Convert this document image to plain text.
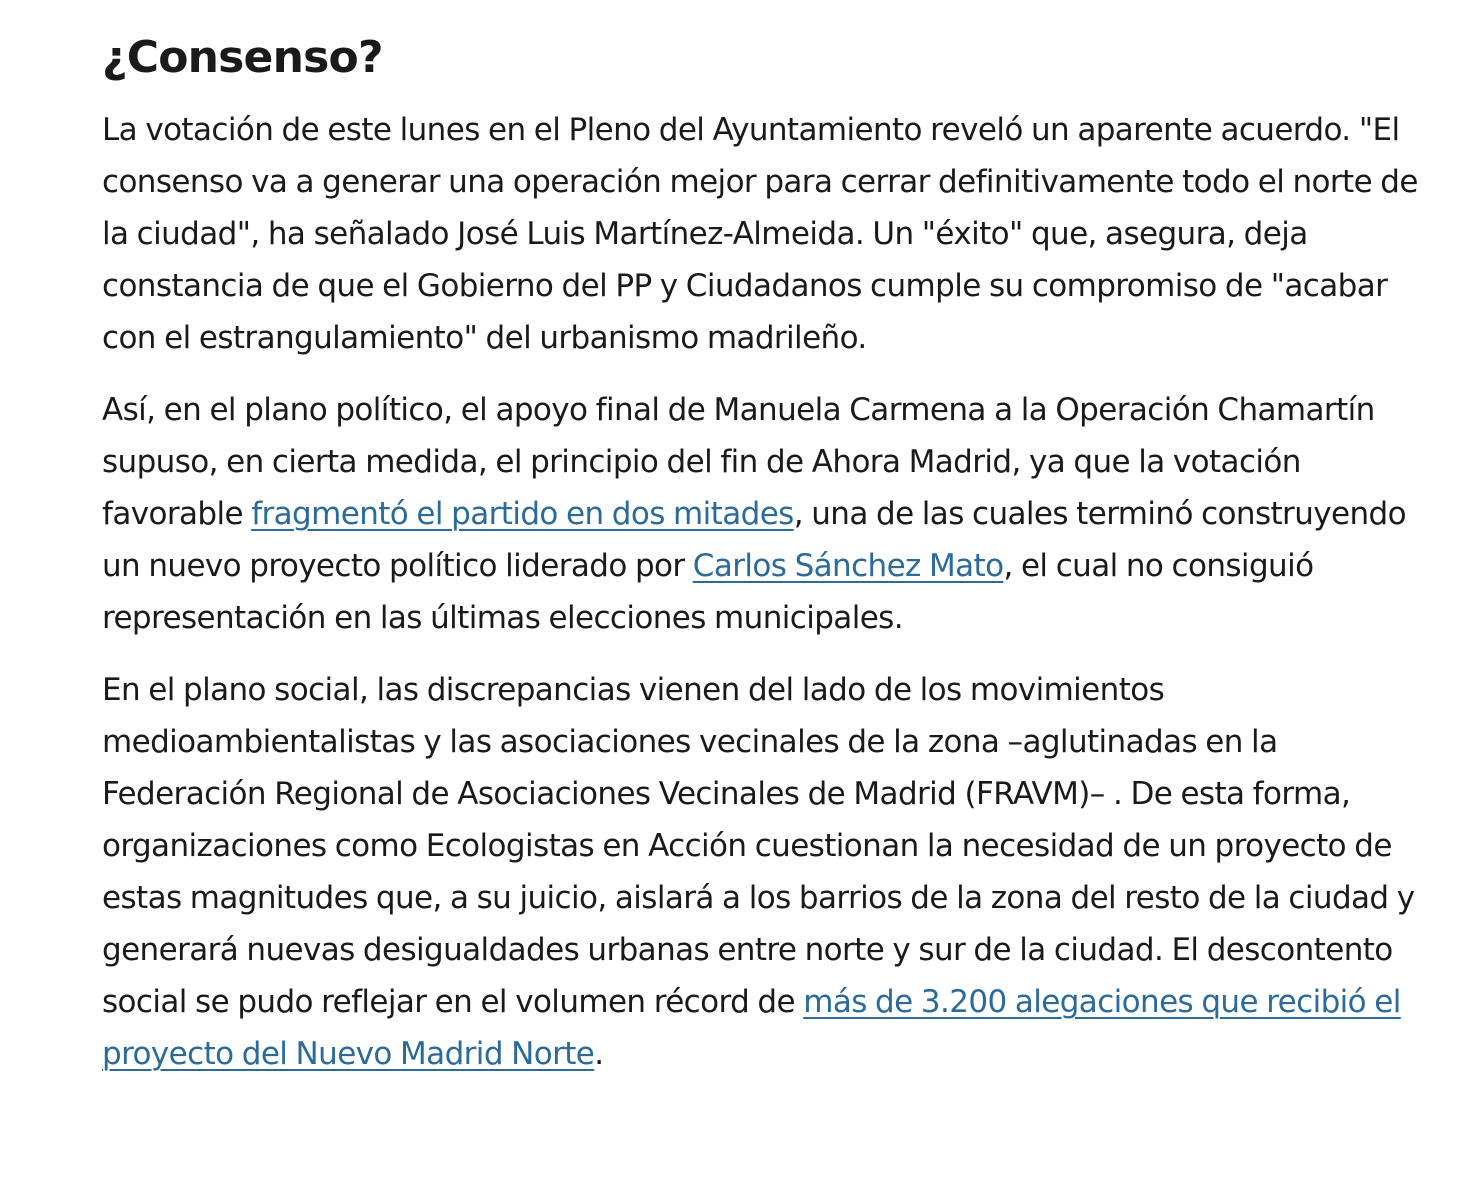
¿Consenso?

La votación de este lunes en el Pleno del Ayuntamiento reveló un aparente acuerdo. "El consenso va a generar una operación mejor para cerrar definitivamente todo el norte de la ciudad", ha señalado José Luis Martínez-Almeida. Un "éxito" que, asegura, deja constancia de que el Gobierno del PP y Ciudadanos cumple su compromiso de "acabar con el estrangulamiento" del urbanismo madrileño.

Así, en el plano político, el apoyo final de Manuela Carmena a la Operación Chamartín supuso, en cierta medida, el principio del fin de Ahora Madrid, ya que la votación favorable fragmentó el partido en dos mitades, una de las cuales terminó construyendo un nuevo proyecto político liderado por Carlos Sánchez Mato, el cual no consiguió representación en las últimas elecciones municipales.

En el plano social, las discrepancias vienen del lado de los movimientos medioambientalistas y las asociaciones vecinales de la zona –aglutinadas en la Federación Regional de Asociaciones Vecinales de Madrid (FRAVM)– . De esta forma, organizaciones como Ecologistas en Acción cuestionan la necesidad de un proyecto de estas magnitudes que, a su juicio, aislará a los barrios de la zona del resto de la ciudad y generará nuevas desigualdades urbanas entre norte y sur de la ciudad. El descontento social se pudo reflejar en el volumen récord de más de 3.200 alegaciones que recibió el proyecto del Nuevo Madrid Norte.
